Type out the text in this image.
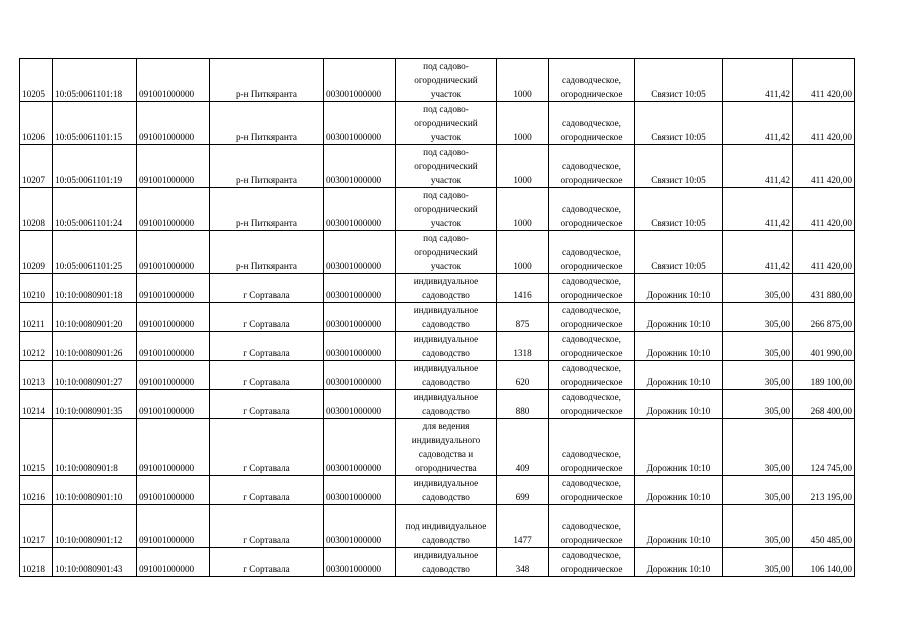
10205	10:05:0061101:18	091001000000	р-н Питкяранта	003001000000	под садово-
огороднический
участок	1000	садоводческое,
огородническое	Связист 10:05	411,42	411 420,00
10206	10:05:0061101:15	091001000000	р-н Питкяранта	003001000000	под садово-
огороднический
участок	1000	садоводческое,
огородническое	Связист 10:05	411,42	411 420,00
10207	10:05:0061101:19	091001000000	р-н Питкяранта	003001000000	под садово-
огороднический
участок	1000	садоводческое,
огородническое	Связист 10:05	411,42	411 420,00
10208	10:05:0061101:24	091001000000	р-н Питкяранта	003001000000	под садово-
огороднический
участок	1000	садоводческое,
огородническое	Связист 10:05	411,42	411 420,00
10209	10:05:0061101:25	091001000000	р-н Питкяранта	003001000000	под садово-
огороднический
участок	1000	садоводческое,
огородническое	Связист 10:05	411,42	411 420,00
10210	10:10:0080901:18	091001000000	г Сортавала	003001000000	индивидуальное
садоводство	1416	садоводческое,
огородническое	Дорожник 10:10	305,00	431 880,00
10211	10:10:0080901:20	091001000000	г Сортавала	003001000000	индивидуальное
садоводство	875	садоводческое,
огородническое	Дорожник 10:10	305,00	266 875,00
10212	10:10:0080901:26	091001000000	г Сортавала	003001000000	индивидуальное
садоводство	1318	садоводческое,
огородническое	Дорожник 10:10	305,00	401 990,00
10213	10:10:0080901:27	091001000000	г Сортавала	003001000000	индивидуальное
садоводство	620	садоводческое,
огородническое	Дорожник 10:10	305,00	189 100,00
10214	10:10:0080901:35	091001000000	г Сортавала	003001000000	индивидуальное
садоводство	880	садоводческое,
огородническое	Дорожник 10:10	305,00	268 400,00
10215	10:10:0080901:8	091001000000	г Сортавала	003001000000	для ведения
индивидуального
садоводства и
огородничества	409	садоводческое,
огородническое	Дорожник 10:10	305,00	124 745,00
10216	10:10:0080901:10	091001000000	г Сортавала	003001000000	индивидуальное
садоводство	699	садоводческое,
огородническое	Дорожник 10:10	305,00	213 195,00
10217	10:10:0080901:12	091001000000	г Сортавала	003001000000	под индивидуальное
садоводство	1477	садоводческое,
огородническое	Дорожник 10:10	305,00	450 485,00
10218	10:10:0080901:43	091001000000	г Сортавала	003001000000	индивидуальное
садоводство	348	садоводческое,
огородническое	Дорожник 10:10	305,00	106 140,00
